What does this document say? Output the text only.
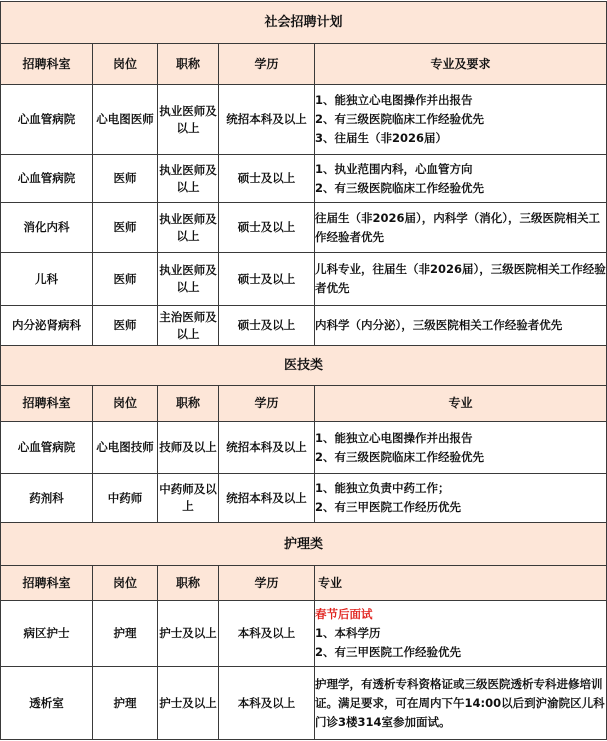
社会招聘计划				
招聘科室	岗位	职称	学历	专业及要求
心血管病院	心电图医师	执业医师及以上	统招本科及以上	1、能独立心电图操作并出报告
2、有三级医院临床工作经验优先
3、往届生（非2026届）

心血管病院	医师	执业医师及以上	硕士及以上	1、执业范围内科，心血管方向
2、有三级医院临床工作经验优先

消化内科	医师	执业医师及以上	硕士及以上	往届生（非2026届），内科学（消化），三级医院相关工作经验者优先

儿科	医师	执业医师及以上	硕士及以上	儿科专业，往届生（非2026届），三级医院相关工作经验者优先

内分泌肾病科	医师	主治医师及以上	硕士及以上	内科学（内分泌），三级医院相关工作经验者优先

医技类				
招聘科室	岗位	职称	学历	专业
心血管病院	心电图技师	技师及以上	统招本科及以上	1、能独立心电图操作并出报告
2、有三级医院临床工作经验优先

药剂科	中药师	中药师及以上	统招本科及以上	1、能独立负责中药工作；
2、有三甲医院工作经历优先

护理类				
招聘科室	岗位	职称	学历	专业
病区护士	护理	护士及以上	本科及以上	春节后面试
1、本科学历
2、有三甲医院工作经验优先

透析室	护理	护士及以上	本科及以上	护理学，有透析专科资格证或三级医院透析专科进修培训证。满足要求，可在周内下午14:00以后到沪渝院区儿科门诊3楼314室参加面试。
